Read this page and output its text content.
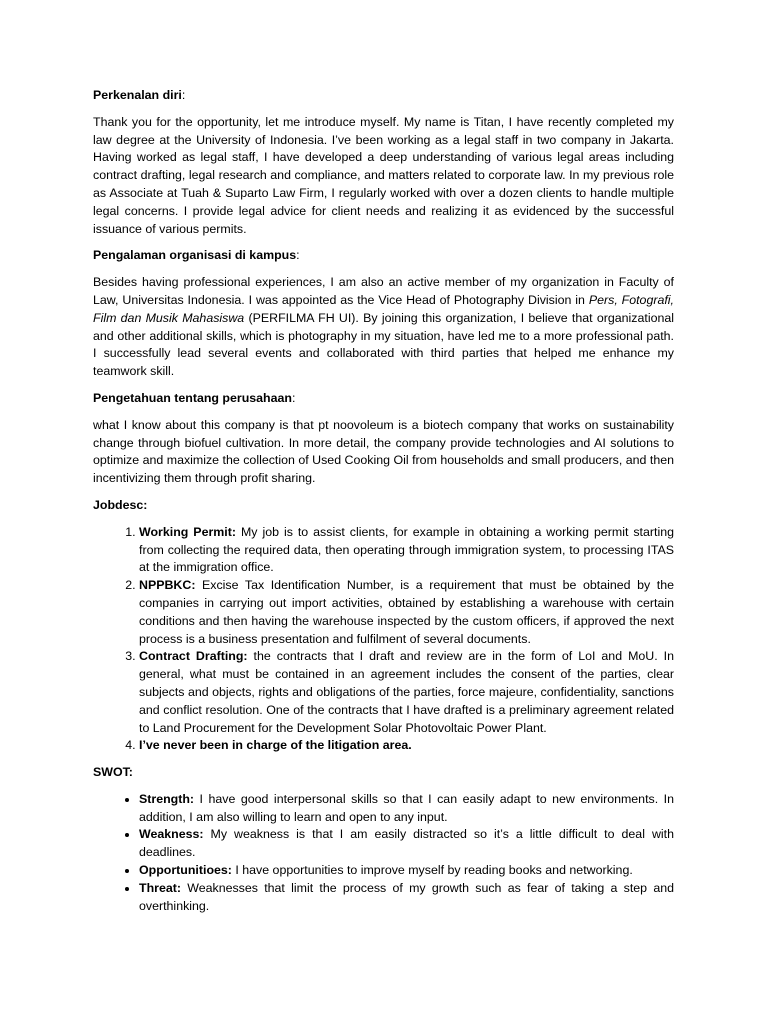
Perkenalan diri:

Thank you for the opportunity, let me introduce myself. My name is Titan, I have recently completed my law degree at the University of Indonesia. I’ve been working as a legal staff in two company in Jakarta. Having worked as legal staff, I have developed a deep understanding of various legal areas including contract drafting, legal research and compliance, and matters related to corporate law. In my previous role as Associate at Tuah & Suparto Law Firm, I regularly worked with over a dozen clients to handle multiple legal concerns. I provide legal advice for client needs and realizing it as evidenced by the successful issuance of various permits.

Pengalaman organisasi di kampus:

Besides having professional experiences, I am also an active member of my organization in Faculty of Law, Universitas Indonesia. I was appointed as the Vice Head of Photography Division in Pers, Fotografi, Film dan Musik Mahasiswa (PERFILMA FH UI). By joining this organization, I believe that organizational and other additional skills, which is photography in my situation, have led me to a more professional path. I successfully lead several events and collaborated with third parties that helped me enhance my teamwork skill.

Pengetahuan tentang perusahaan:

what I know about this company is that pt noovoleum is a biotech company that works on sustainability change through biofuel cultivation. In more detail, the company provide technologies and AI solutions to optimize and maximize the collection of Used Cooking Oil from households and small producers, and then incentivizing them through profit sharing.

Jobdesc:

1. Working Permit: My job is to assist clients, for example in obtaining a working permit starting from collecting the required data, then operating through immigration system, to processing ITAS at the immigration office.
2. NPPBKC: Excise Tax Identification Number, is a requirement that must be obtained by the companies in carrying out import activities, obtained by establishing a warehouse with certain conditions and then having the warehouse inspected by the custom officers, if approved the next process is a business presentation and fulfilment of several documents.
3. Contract Drafting: the contracts that I draft and review are in the form of LoI and MoU. In general, what must be contained in an agreement includes the consent of the parties, clear subjects and objects, rights and obligations of the parties, force majeure, confidentiality, sanctions and conflict resolution. One of the contracts that I have drafted is a preliminary agreement related to Land Procurement for the Development Solar Photovoltaic Power Plant.
4. I’ve never been in charge of the litigation area.

SWOT:

• Strength: I have good interpersonal skills so that I can easily adapt to new environments. In addition, I am also willing to learn and open to any input.
• Weakness: My weakness is that I am easily distracted so it’s a little difficult to deal with deadlines.
• Opportunitioes: I have opportunities to improve myself by reading books and networking.
• Threat: Weaknesses that limit the process of my growth such as fear of taking a step and overthinking.
